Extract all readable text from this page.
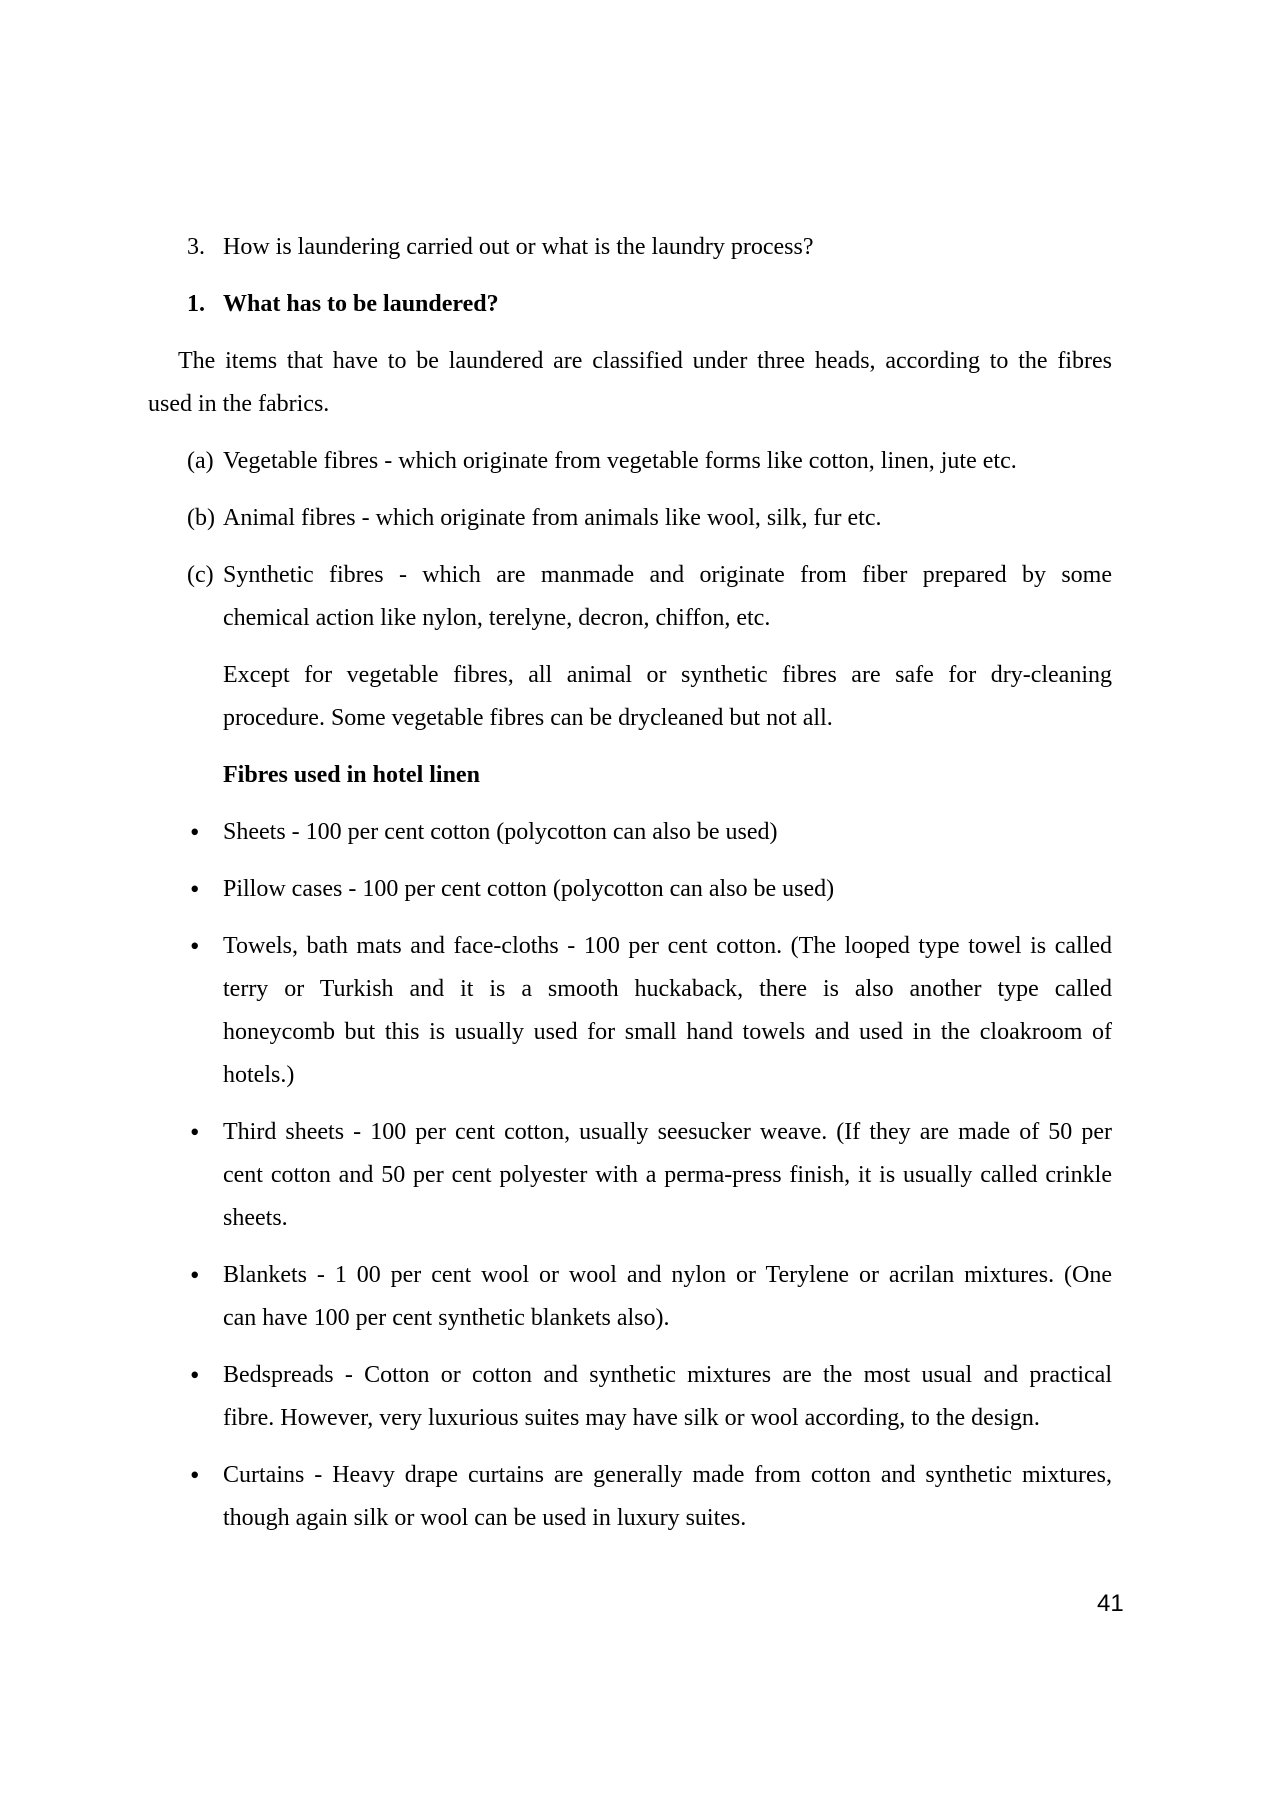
3. How is laundering carried out or what is the laundry process?
1. What has to be laundered?
The items that have to be laundered are classified under three heads, according to the fibres
used in the fabrics.
(a) Vegetable fibres - which originate from vegetable forms like cotton, linen, jute etc.
(b) Animal fibres - which originate from animals like wool, silk, fur etc.
(c) Synthetic fibres - which are manmade and originate from fiber prepared by some
chemical action like nylon, terelyne, decron, chiffon, etc.
Except for vegetable fibres, all animal or synthetic fibres are safe for dry-cleaning
procedure. Some vegetable fibres can be drycleaned but not all.
Fibres used in hotel linen
• Sheets - 100 per cent cotton (polycotton can also be used)
• Pillow cases - 100 per cent cotton (polycotton can also be used)
• Towels, bath mats and face-cloths - 100 per cent cotton. (The looped type towel is called
terry or Turkish and it is a smooth huckaback, there is also another type called
honeycomb but this is usually used for small hand towels and used in the cloakroom of
hotels.)
• Third sheets - 100 per cent cotton, usually seesucker weave. (If they are made of 50 per
cent cotton and 50 per cent polyester with a perma-press finish, it is usually called crinkle
sheets.
• Blankets - 1 00 per cent wool or wool and nylon or Terylene or acrilan mixtures. (One
can have 100 per cent synthetic blankets also).
• Bedspreads - Cotton or cotton and synthetic mixtures are the most usual and practical
fibre. However, very luxurious suites may have silk or wool according, to the design.
• Curtains - Heavy drape curtains are generally made from cotton and synthetic mixtures,
though again silk or wool can be used in luxury suites.
41
